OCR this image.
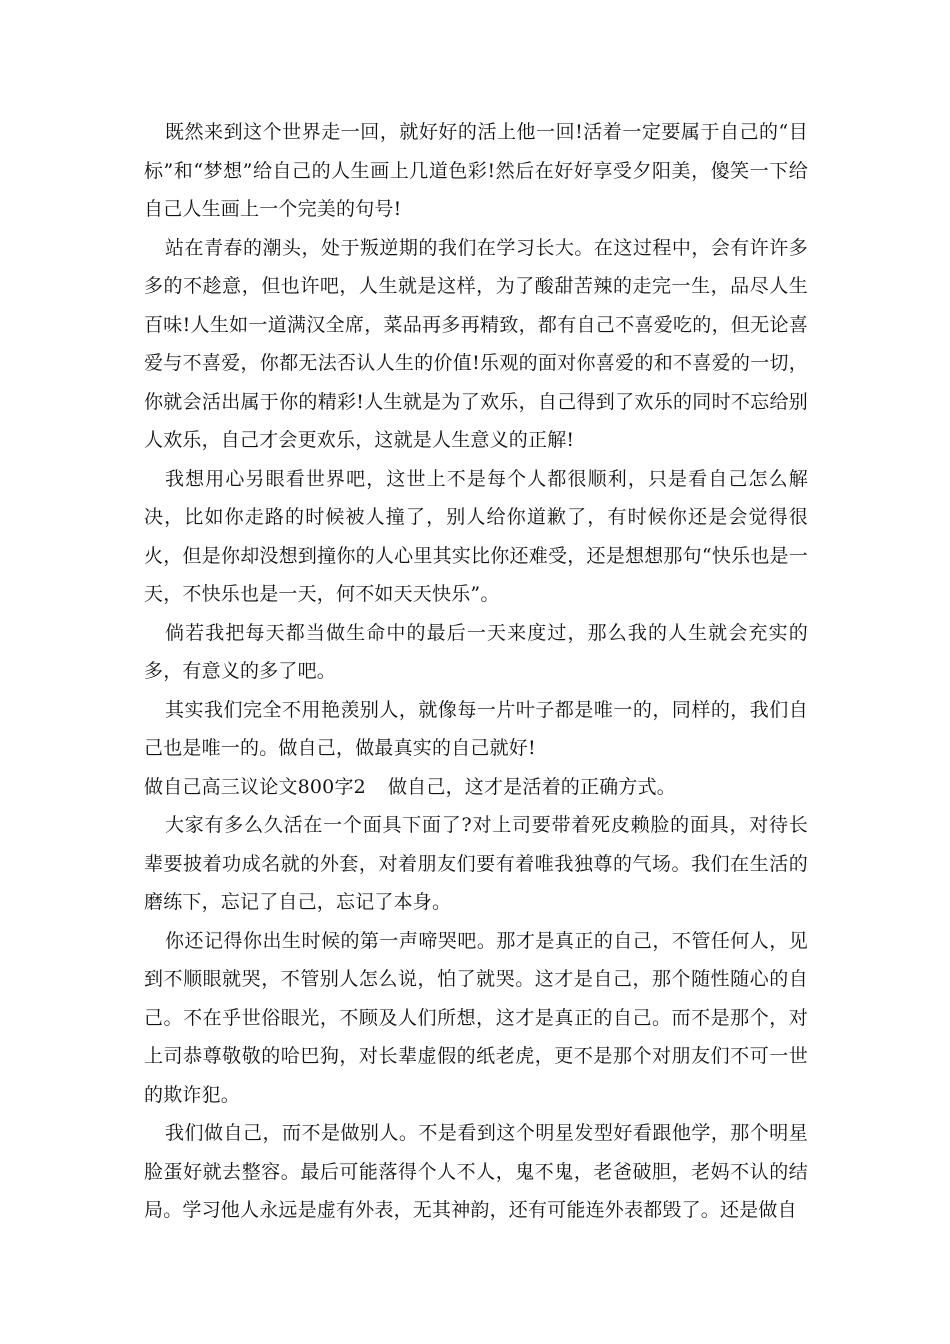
既然来到这个世界走一回，就好好的活上他一回!活着一定要属于自己的“目标”和“梦想”给自己的人生画上几道色彩!然后在好好享受夕阳美，傻笑一下给自己人生画上一个完美的句号!

站在青春的潮头，处于叛逆期的我们在学习长大。在这过程中，会有许许多多的不趁意，但也许吧，人生就是这样，为了酸甜苦辣的走完一生，品尽人生百味!人生如一道满汉全席，菜品再多再精致，都有自己不喜爱吃的，但无论喜爱与不喜爱，你都无法否认人生的价值!乐观的面对你喜爱的和不喜爱的一切，你就会活出属于你的精彩!人生就是为了欢乐，自己得到了欢乐的同时不忘给别人欢乐，自己才会更欢乐，这就是人生意义的正解!

我想用心另眼看世界吧，这世上不是每个人都很顺利，只是看自己怎么解决，比如你走路的时候被人撞了，别人给你道歉了，有时候你还是会觉得很火，但是你却没想到撞你的人心里其实比你还难受，还是想想那句“快乐也是一天，不快乐也是一天，何不如天天快乐”。

倘若我把每天都当做生命中的最后一天来度过，那么我的人生就会充实的多，有意义的多了吧。

其实我们完全不用艳羡别人，就像每一片叶子都是唯一的，同样的，我们自己也是唯一的。做自己，做最真实的自己就好!

做自己高三议论文800字2 做自己，这才是活着的正确方式。

大家有多么久活在一个面具下面了?对上司要带着死皮赖脸的面具，对待长辈要披着功成名就的外套，对着朋友们要有着唯我独尊的气场。我们在生活的磨练下，忘记了自己，忘记了本身。

你还记得你出生时候的第一声啼哭吧。那才是真正的自己，不管任何人，见到不顺眼就哭，不管别人怎么说，怕了就哭。这才是自己，那个随性随心的自己。不在乎世俗眼光，不顾及人们所想，这才是真正的自己。而不是那个，对上司恭尊敬敬的哈巴狗，对长辈虚假的纸老虎，更不是那个对朋友们不可一世的欺诈犯。

我们做自己，而不是做别人。不是看到这个明星发型好看跟他学，那个明星脸蛋好就去整容。最后可能落得个人不人，鬼不鬼，老爸破胆，老妈不认的结局。学习他人永远是虚有外表，无其神韵，还有可能连外表都毁了。还是做自
